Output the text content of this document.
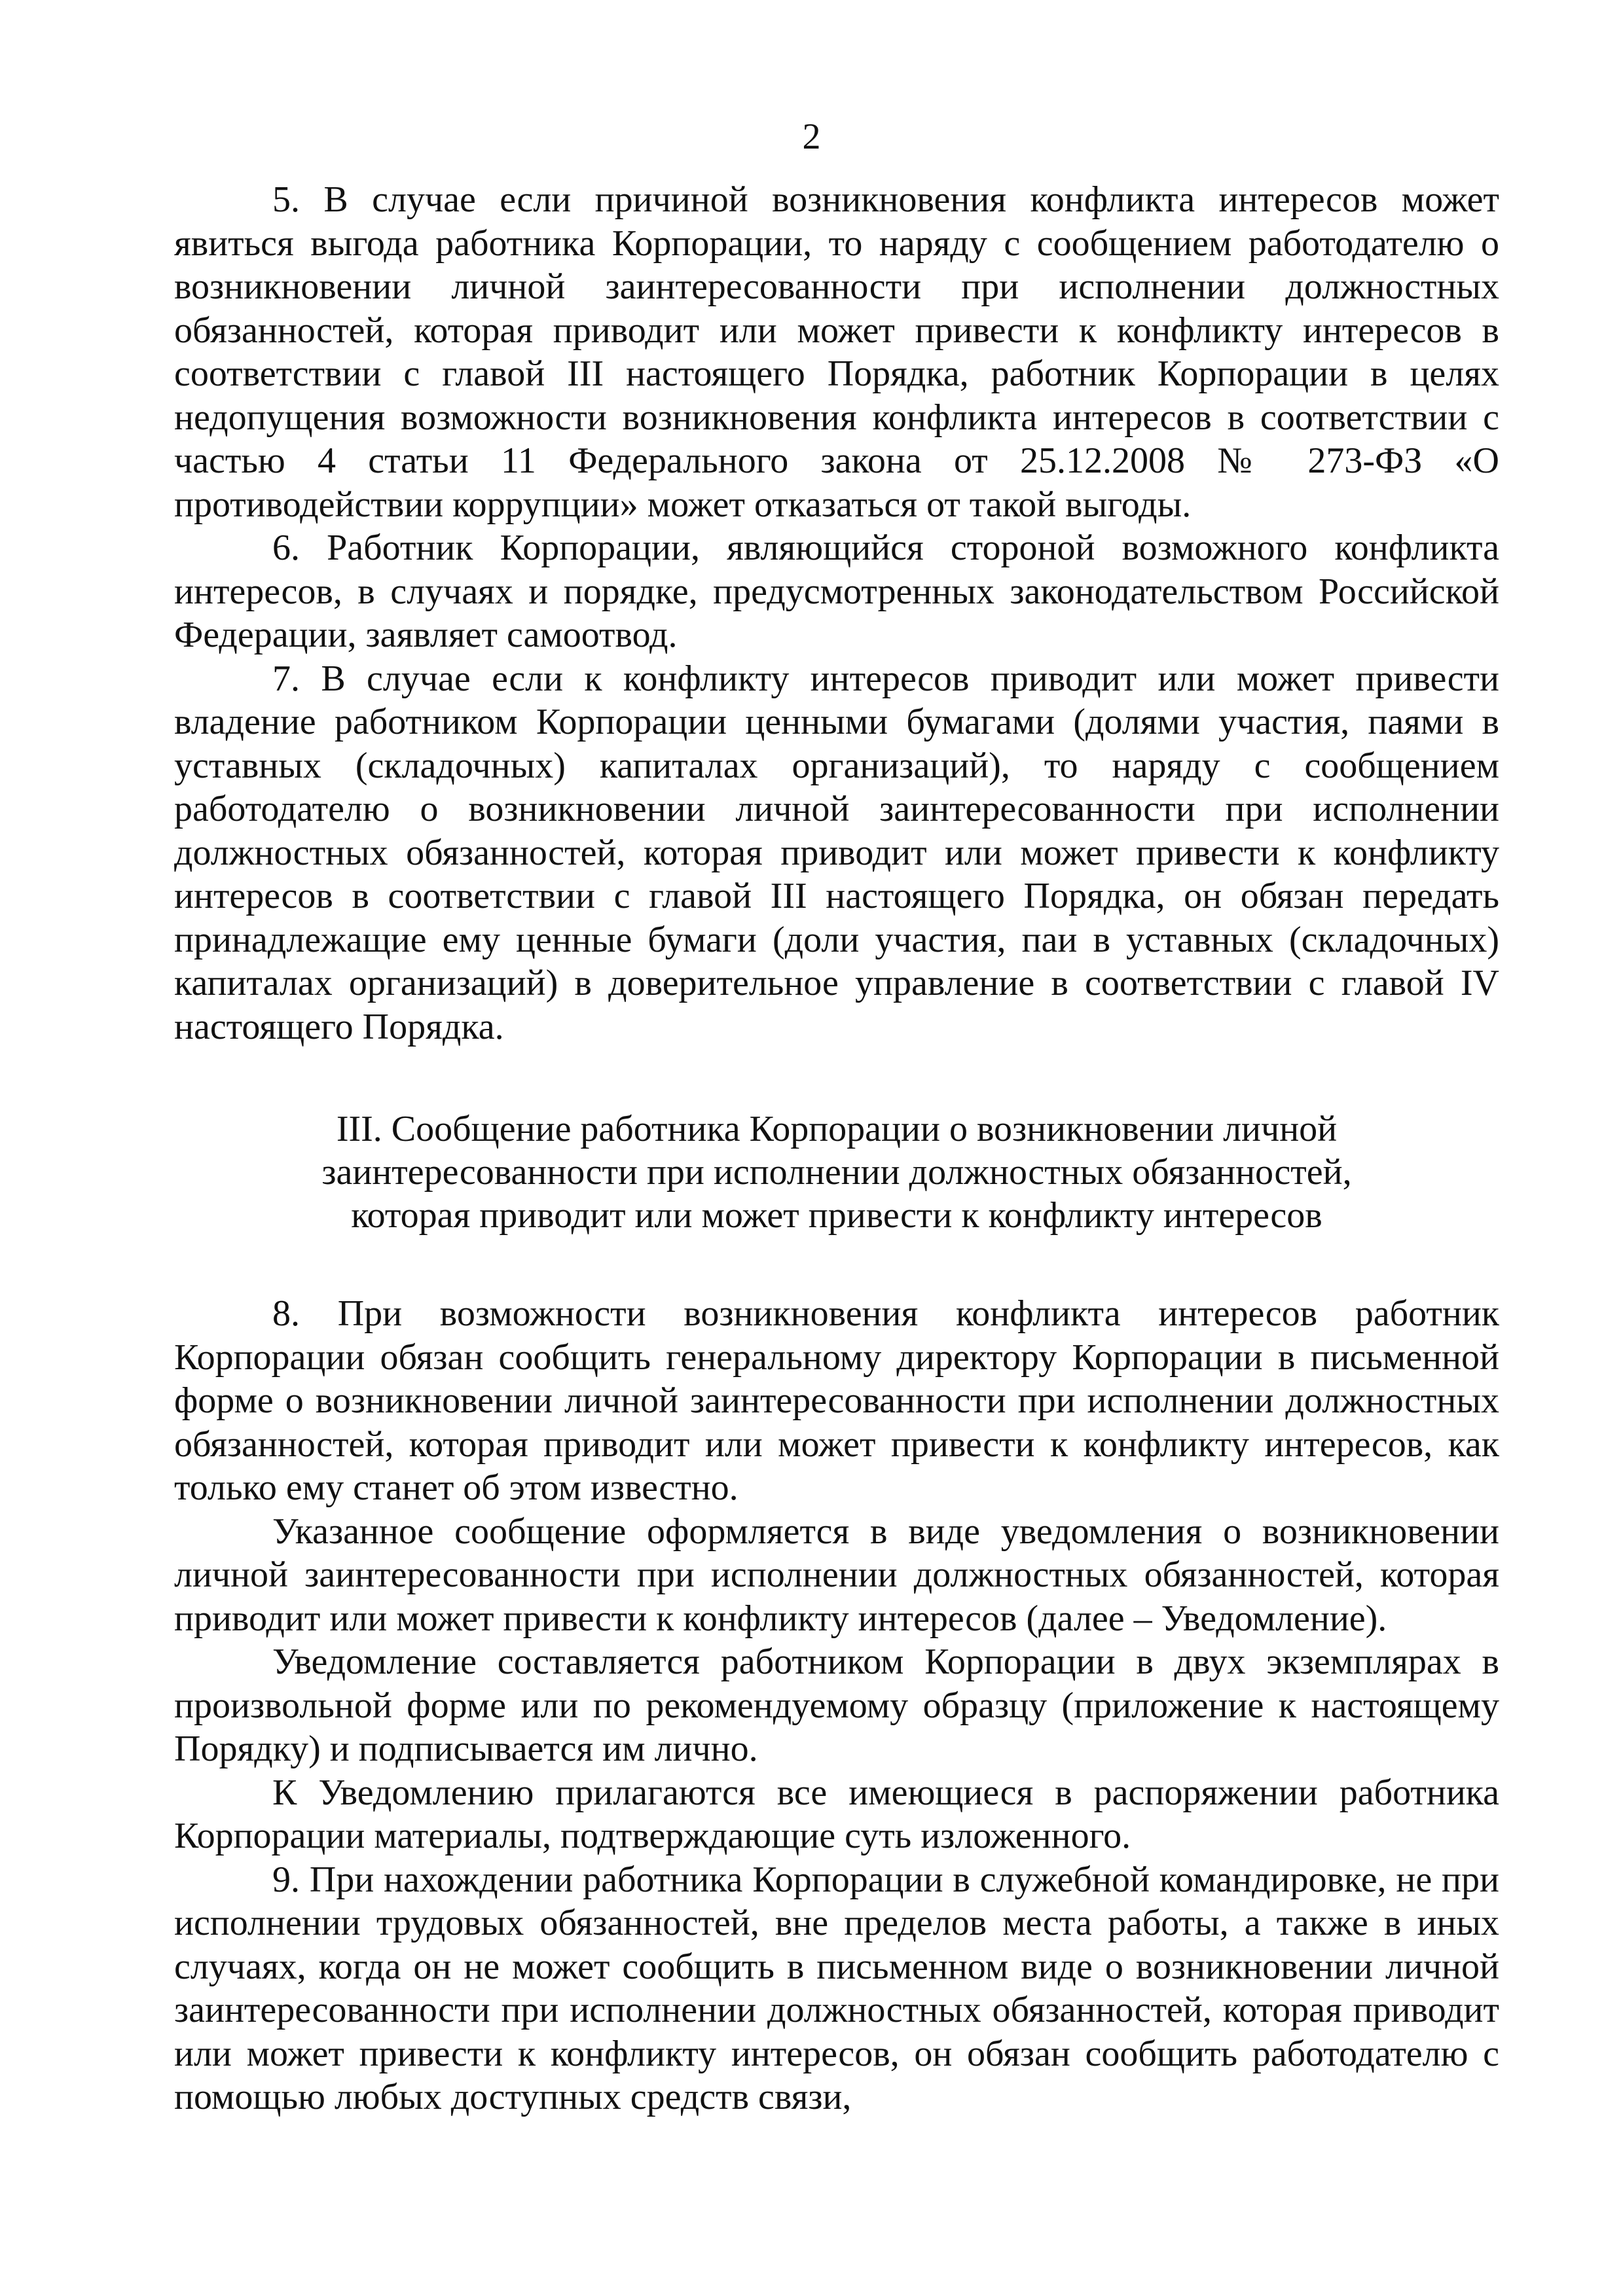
2

5. В случае если причиной возникновения конфликта интересов может явиться выгода работника Корпорации, то наряду с сообщением работодателю о возникновении личной заинтересованности при исполнении должностных обязанностей, которая приводит или может привести к конфликту интересов в соответствии с главой III настоящего Порядка, работник Корпорации в целях недопущения возможности возникновения конфликта интересов в соответствии с частью 4 статьи 11 Федерального закона от 25.12.2008 № 273-ФЗ «О противодействии коррупции» может отказаться от такой выгоды.

6. Работник Корпорации, являющийся стороной возможного конфликта интересов, в случаях и порядке, предусмотренных законодательством Российской Федерации, заявляет самоотвод.

7. В случае если к конфликту интересов приводит или может привести владение работником Корпорации ценными бумагами (долями участия, паями в уставных (складочных) капиталах организаций), то наряду с сообщением работодателю о возникновении личной заинтересованности при исполнении должностных обязанностей, которая приводит или может привести к конфликту интересов в соответствии с главой III настоящего Порядка, он обязан передать принадлежащие ему ценные бумаги (доли участия, паи в уставных (складочных) капиталах организаций) в доверительное управление в соответствии с главой IV настоящего Порядка.

III. Сообщение работника Корпорации о возникновении личной
заинтересованности при исполнении должностных обязанностей,
которая приводит или может привести к конфликту интересов

8. При возможности возникновения конфликта интересов работник Корпорации обязан сообщить генеральному директору Корпорации в письменной форме о возникновении личной заинтересованности при исполнении должностных обязанностей, которая приводит или может привести к конфликту интересов, как только ему станет об этом известно.

Указанное сообщение оформляется в виде уведомления о возникновении личной заинтересованности при исполнении должностных обязанностей, которая приводит или может привести к конфликту интересов (далее – Уведомление).

Уведомление составляется работником Корпорации в двух экземплярах в произвольной форме или по рекомендуемому образцу (приложение к настоящему Порядку) и подписывается им лично.

К Уведомлению прилагаются все имеющиеся в распоряжении работника Корпорации материалы, подтверждающие суть изложенного.

9. При нахождении работника Корпорации в служебной командировке, не при исполнении трудовых обязанностей, вне пределов места работы, а также в иных случаях, когда он не может сообщить в письменном виде о возникновении личной заинтересованности при исполнении должностных обязанностей, которая приводит или может привести к конфликту интересов, он обязан сообщить работодателю с помощью любых доступных средств связи,
